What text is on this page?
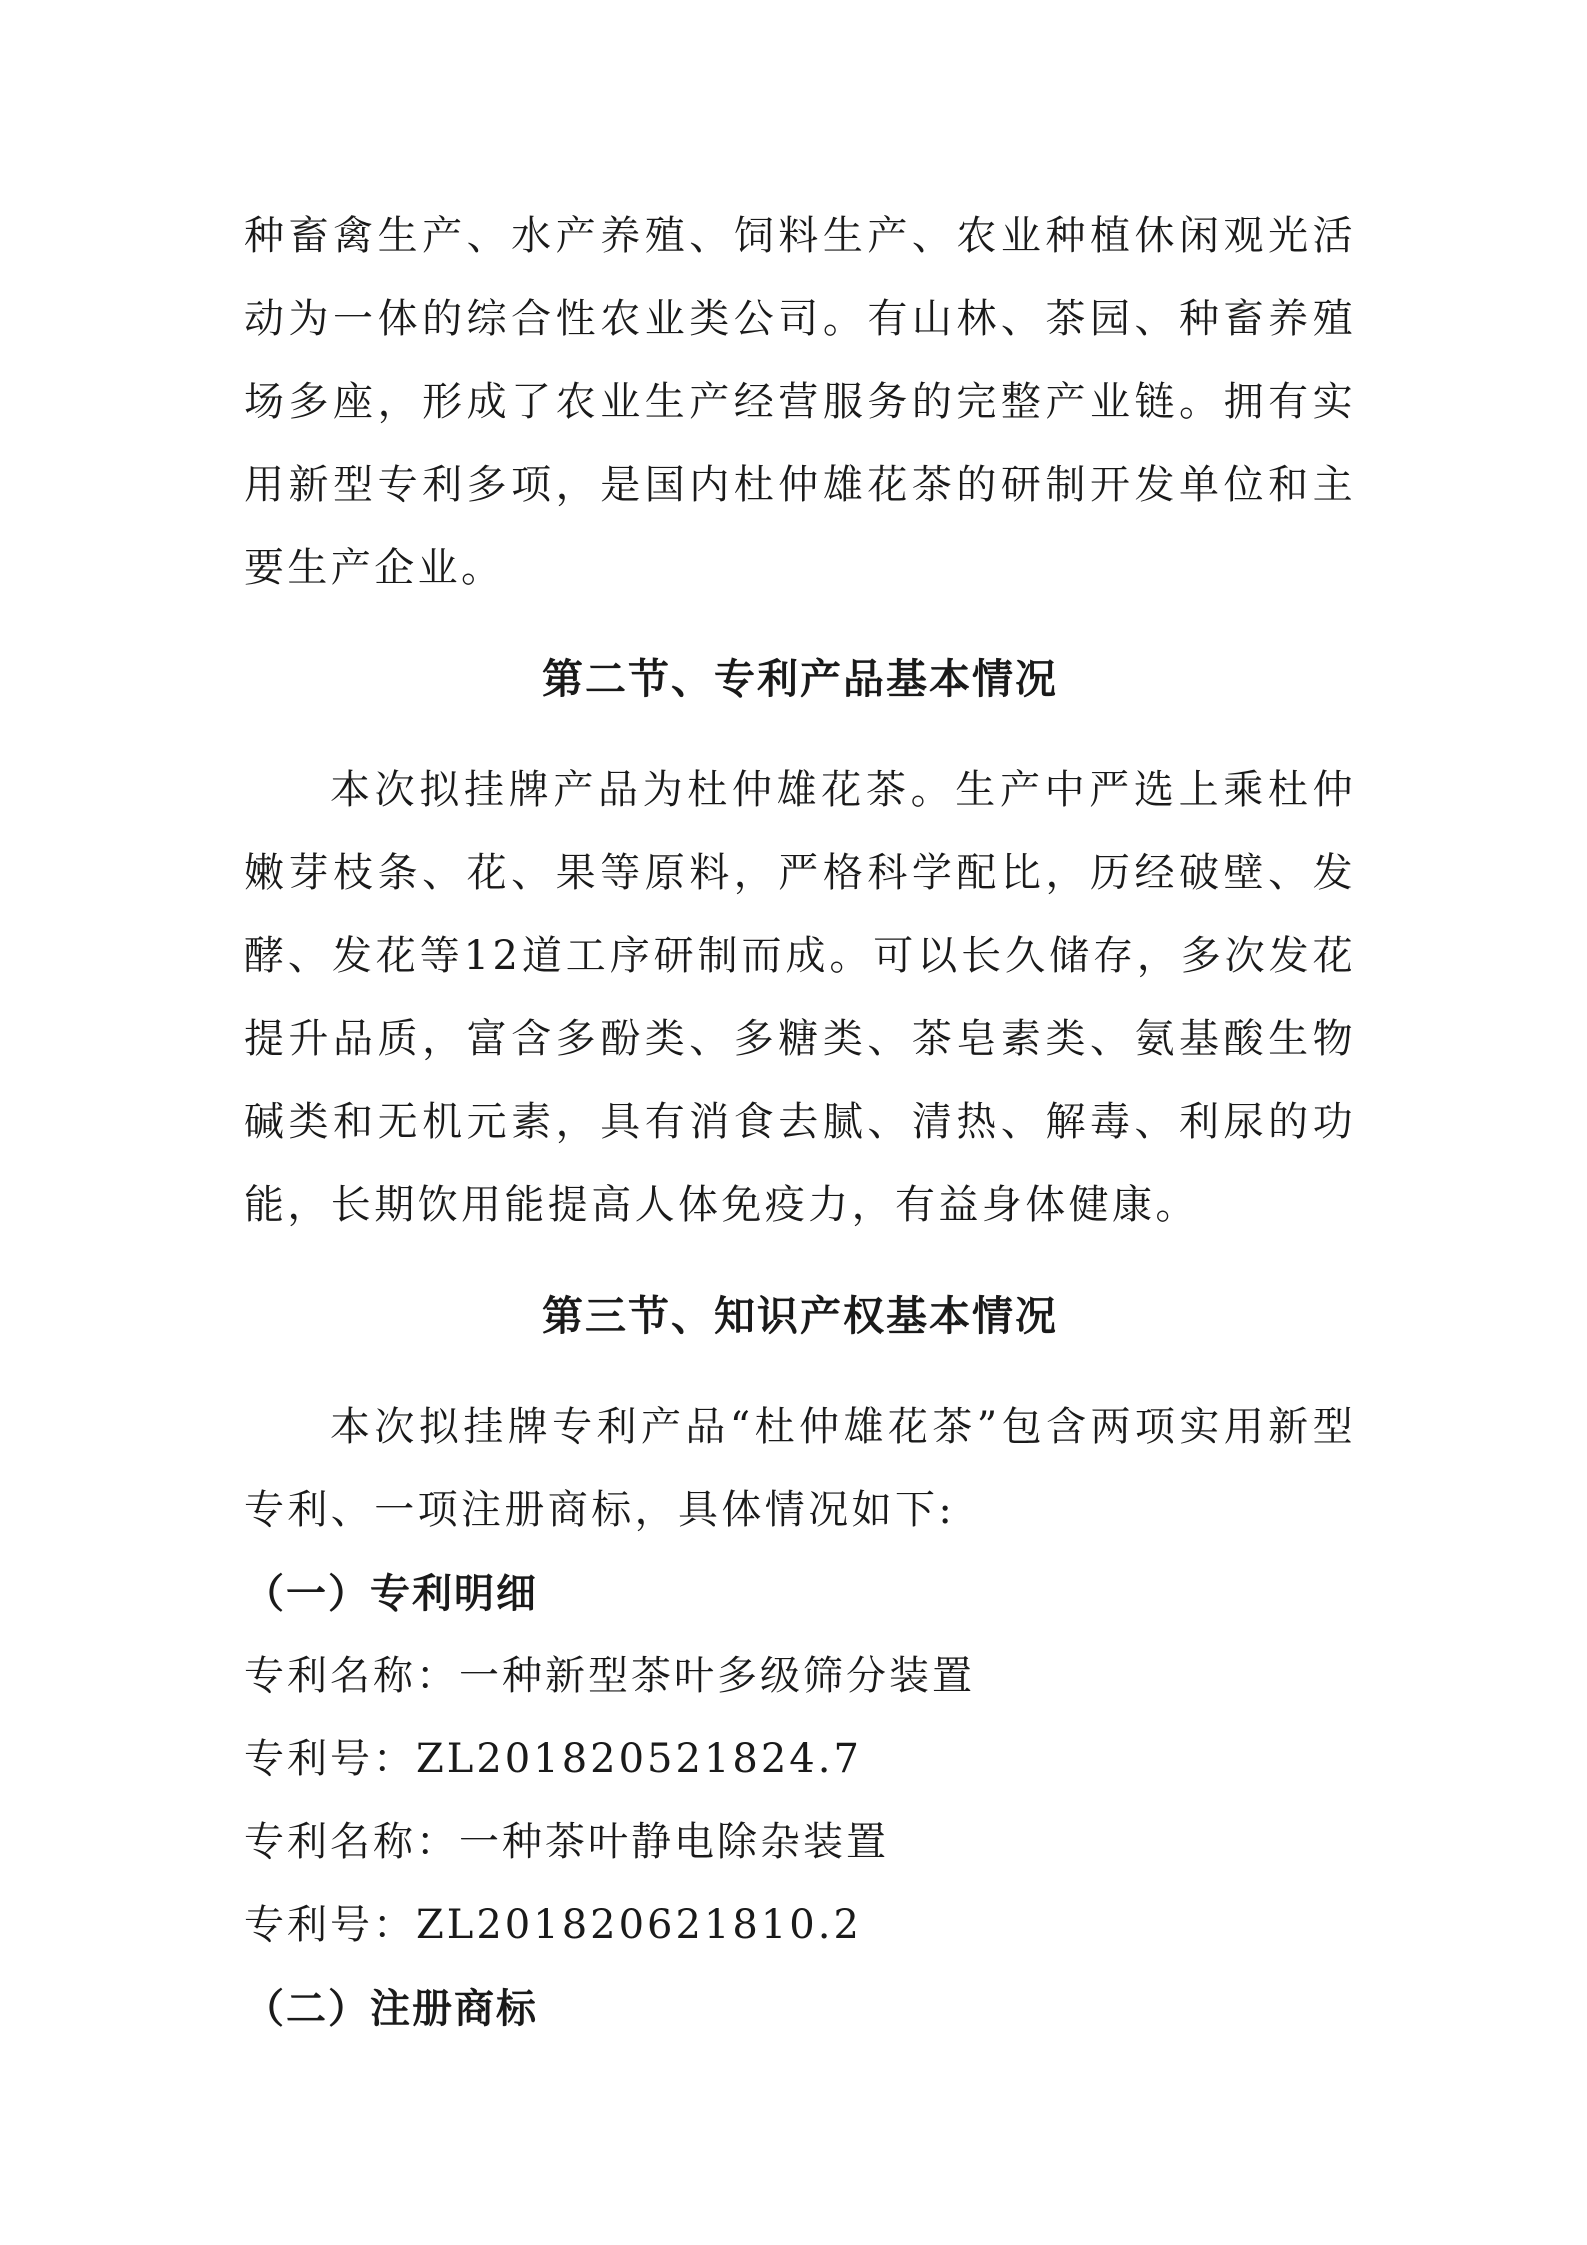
种畜禽生产、水产养殖、饲料生产、农业种植休闲观光活动为一体的综合性农业类公司。有山林、茶园、种畜养殖场多座，形成了农业生产经营服务的完整产业链。拥有实用新型专利多项，是国内杜仲雄花茶的研制开发单位和主要生产企业。

第二节、专利产品基本情况

本次拟挂牌产品为杜仲雄花茶。生产中严选上乘杜仲嫩芽枝条、花、果等原料，严格科学配比，历经破壁、发酵、发花等12道工序研制而成。可以长久储存，多次发花提升品质，富含多酚类、多糖类、茶皂素类、氨基酸生物碱类和无机元素，具有消食去腻、清热、解毒、利尿的功能，长期饮用能提高人体免疫力，有益身体健康。

第三节、知识产权基本情况

本次拟挂牌专利产品“杜仲雄花茶”包含两项实用新型专利、一项注册商标，具体情况如下:

（一）专利明细

专利名称：一种新型茶叶多级筛分装置

专利号：ZL201820521824.7

专利名称：一种茶叶静电除杂装置

专利号：ZL201820621810.2

（二）注册商标
